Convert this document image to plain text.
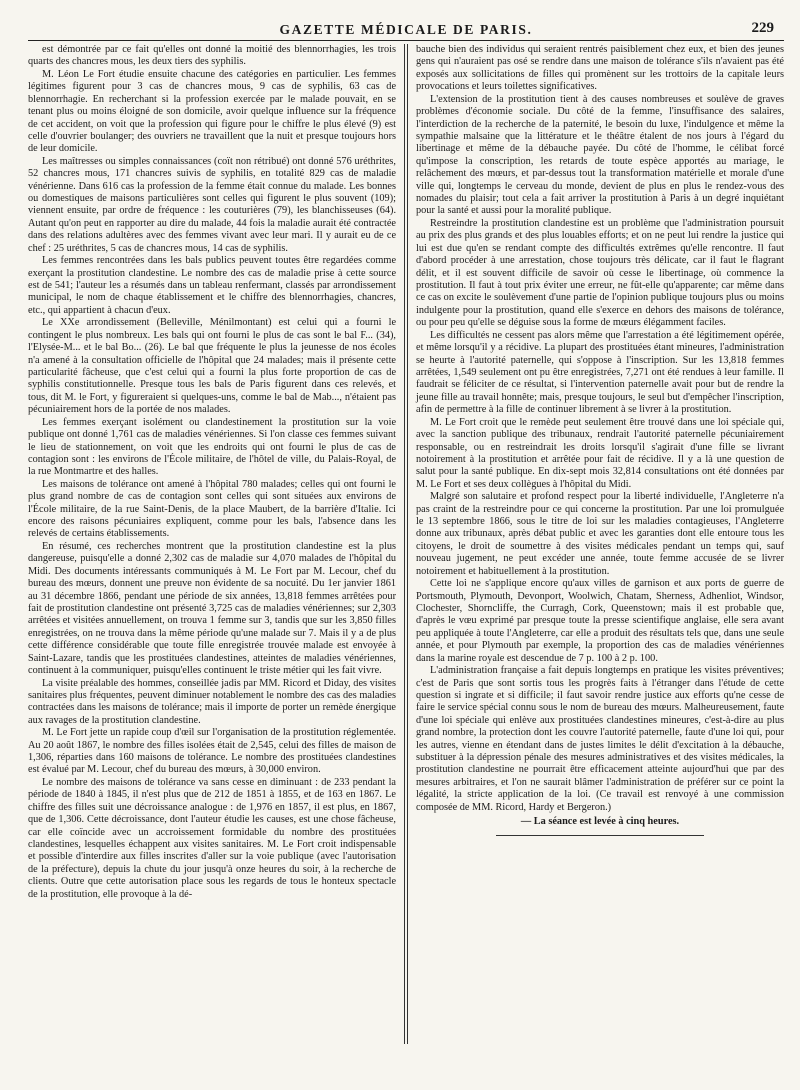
GAZETTE MÉDICALE DE PARIS.	229

est démontrée par ce fait qu'elles ont donné la moitié des blennorrhagies, les trois quarts des chancres mous, les deux tiers des syphilis.

M. Léon Le Fort étudie ensuite chacune des catégories en particulier. Les femmes légitimes figurent pour 3 cas de chancres mous, 9 cas de syphilis, 63 cas de blennorrhagie. En recherchant si la profession exercée par le malade pouvait, en se tenant plus ou moins éloigné de son domicile, avoir quelque influence sur la fréquence de cet accident, on voit que la profession qui figure pour le chiffre le plus élevé (9) est celle d'ouvrier boulanger; des ouvriers ne travaillent que la nuit et presque toujours hors de leur domicile.

Les maîtresses ou simples connaissances (coït non rétribué) ont donné 576 uréthrites, 52 chancres mous, 171 chancres suivis de syphilis, en totalité 829 cas de maladie vénérienne. Dans 616 cas la profession de la femme était connue du malade. Les bonnes ou domestiques de maisons particulières sont celles qui figurent le plus souvent (109); viennent ensuite, par ordre de fréquence : les couturières (79), les blanchisseuses (64). Autant qu'on peut en rapporter au dire du malade, 44 fois la maladie aurait été contractée dans des relations adultères avec des femmes vivant avec leur mari. Il y aurait eu de ce chef : 25 uréthrites, 5 cas de chancres mous, 14 cas de syphilis.

Les femmes rencontrées dans les bals publics peuvent toutes être regardées comme exerçant la prostitution clandestine. Le nombre des cas de maladie prise à cette source est de 541; l'auteur les a résumés dans un tableau renfermant, classés par arrondissement municipal, le nom de chaque établissement et le chiffre des blennorrhagies, chancres, etc., qui appartient à chacun d'eux.

Le XXe arrondissement (Belleville, Ménilmontant) est celui qui a fourni le contingent le plus nombreux. Les bals qui ont fourni le plus de cas sont le bal F... (34), l'Elysée-M... et le bal Bo... (26). Le bal que fréquente le plus la jeunesse de nos écoles n'a amené à la consultation officielle de l'hôpital que 24 malades; mais il présente cette particularité fâcheuse, que c'est celui qui a fourni la plus forte proportion de cas de syphilis constitutionnelle. Presque tous les bals de Paris figurent dans ces relevés, et tous, dit M. le Fort, y figureraient si quelques-uns, comme le bal de Mab..., n'étaient pas pécuniairement hors de la portée de nos malades.

Les femmes exerçant isolément ou clandestinement la prostitution sur la voie publique ont donné 1,761 cas de maladies vénériennes. Si l'on classe ces femmes suivant le lieu de stationnement, on voit que les endroits qui ont fourni le plus de cas de contagion sont : les environs de l'École militaire, de l'hôtel de ville, du Palais-Royal, de la rue Montmartre et des halles.

Les maisons de tolérance ont amené à l'hôpital 780 malades; celles qui ont fourni le plus grand nombre de cas de contagion sont celles qui sont situées aux environs de l'École militaire, de la rue Saint-Denis, de la place Maubert, de la barrière d'Italie. Ici encore des raisons pécuniaires expliquent, comme pour les bals, l'absence dans les relevés de certains établissements.

En résumé, ces recherches montrent que la prostitution clandestine est la plus dangereuse, puisqu'elle a donné 2,302 cas de maladie sur 4,070 malades de l'hôpital du Midi. Des documents intéressants communiqués à M. Le Fort par M. Lecour, chef du bureau des mœurs, donnent une preuve non évidente de sa nocuité. Du 1er janvier 1861 au 31 décembre 1866, pendant une période de six années, 13,818 femmes arrêtées pour fait de prostitution clandestine ont présenté 3,725 cas de maladies vénériennes; sur 2,303 arrêtées et visitées annuellement, on trouva 1 femme sur 3, tandis que sur les 3,850 filles enregistrées, on ne trouva dans la même période qu'une malade sur 7. Mais il y a de plus cette différence considérable que toute fille enregistrée trouvée malade est envoyée à Saint-Lazare, tandis que les prostituées clandestines, atteintes de maladies vénériennes, continuent à la communiquer, puisqu'elles continuent le triste métier qui les fait vivre.

La visite préalable des hommes, conseillée jadis par MM. Ricord et Diday, des visites sanitaires plus fréquentes, peuvent diminuer notablement le nombre des cas des maladies contractées dans les maisons de tolérance; mais il importe de porter un remède énergique aux ravages de la prostitution clandestine.

M. Le Fort jette un rapide coup d'œil sur l'organisation de la prostitution réglementée. Au 20 août 1867, le nombre des filles isolées était de 2,545, celui des filles de maison de 1,306, réparties dans 160 maisons de tolérance. Le nombre des prostituées clandestines est évalué par M. Lecour, chef du bureau des mœurs, à 30,000 environ.

Le nombre des maisons de tolérance va sans cesse en diminuant : de 233 pendant la période de 1840 à 1845, il n'est plus que de 212 de 1851 à 1855, et de 163 en 1867. Le chiffre des filles suit une décroissance analogue : de 1,976 en 1857, il est plus, en 1867, que de 1,306. Cette décroissance, dont l'auteur étudie les causes, est une chose fâcheuse, car elle coïncide avec un accroissement formidable du nombre des prostituées clandestines, lesquelles échappent aux visites sanitaires. M. Le Fort croit indispensable et possible d'interdire aux filles inscrites d'aller sur la voie publique (avec l'autorisation de la préfecture), depuis la chute du jour jusqu'à onze heures du soir, à la recherche de clients. Outre que cette autorisation place sous les regards de tous le honteux spectacle de la prostitution, elle provoque à la dé-

bauche bien des individus qui seraient rentrés paisiblement chez eux, et bien des jeunes gens qui n'auraient pas osé se rendre dans une maison de tolérance s'ils n'avaient pas été exposés aux sollicitations de filles qui promènent sur les trottoirs de la capitale leurs provocations et leurs toilettes significatives.

L'extension de la prostitution tient à des causes nombreuses et soulève de graves problèmes d'économie sociale. Du côté de la femme, l'insuffisance des salaires, l'interdiction de la recherche de la paternité, le besoin du luxe, l'indulgence et même la sympathie malsaine que la littérature et le théâtre étalent de nos jours à l'égard du libertinage et même de la débauche payée. Du côté de l'homme, le célibat forcé qu'impose la conscription, les retards de toute espèce apportés au mariage, le relâchement des mœurs, et par-dessus tout la transformation matérielle et morale d'une ville qui, longtemps le cerveau du monde, devient de plus en plus le rendez-vous des nomades du plaisir; tout cela a fait arriver la prostitution à Paris à un degré inquiétant pour la santé et aussi pour la moralité publique.

Restreindre la prostitution clandestine est un problème que l'administration poursuit au prix des plus grands et des plus louables efforts; et on ne peut lui rendre la justice qui lui est due qu'en se rendant compte des difficultés extrêmes qu'elle rencontre. Il faut d'abord procéder à une arrestation, chose toujours très délicate, car il faut le flagrant délit, et il est souvent difficile de savoir où cesse le libertinage, où commence la prostitution. Il faut à tout prix éviter une erreur, ne fût-elle qu'apparente; car même dans ce cas on excite le soulèvement d'une partie de l'opinion publique toujours plus ou moins indulgente pour la prostitution, quand elle s'exerce en dehors des maisons de tolérance, ou pour peu qu'elle se déguise sous la forme de mœurs élégamment faciles.

Les difficultés ne cessent pas alors même que l'arrestation a été légitimement opérée, et même lorsqu'il y a récidive. La plupart des prostituées étant mineures, l'administration se heurte à l'autorité paternelle, qui s'oppose à l'inscription. Sur les 13,818 femmes arrêtées, 1,549 seulement ont pu être enregistrées, 7,271 ont été rendues à leur famille. Il faudrait se féliciter de ce résultat, si l'intervention paternelle avait pour but de rendre la jeune fille au travail honnête; mais, presque toujours, le seul but d'empêcher l'inscription, afin de permettre à la fille de continuer librement à se livrer à la prostitution.

M. Le Fort croit que le remède peut seulement être trouvé dans une loi spéciale qui, avec la sanction publique des tribunaux, rendrait l'autorité paternelle pécuniairement responsable, ou en restreindrait les droits lorsqu'il s'agirait d'une fille se livrant notoirement à la prostitution et arrêtée pour fait de récidive. Il y a là une question de salut pour la santé publique. En dix-sept mois 32,814 consultations ont été données par M. Le Fort et ses deux collègues à l'hôpital du Midi.

Malgré son salutaire et profond respect pour la liberté individuelle, l'Angleterre n'a pas craint de la restreindre pour ce qui concerne la prostitution. Par une loi promulguée le 13 septembre 1866, sous le titre de loi sur les maladies contagieuses, l'Angleterre donne aux tribunaux, après débat public et avec les garanties dont elle entoure tous les citoyens, le droit de soumettre à des visites médicales pendant un temps qui, sauf nouveau jugement, ne peut excéder une année, toute femme accusée de se livrer notoirement et habituellement à la prostitution.

Cette loi ne s'applique encore qu'aux villes de garnison et aux ports de guerre de Portsmouth, Plymouth, Devonport, Woolwich, Chatam, Sherness, Adhenliot, Windsor, Clochester, Shorncliffe, the Curragh, Cork, Queenstown; mais il est probable que, d'après le vœu exprimé par presque toute la presse scientifique anglaise, elle sera avant peu appliquée à toute l'Angleterre, car elle a produit des résultats tels que, dans une seule année, et pour Plymouth par exemple, la proportion des cas de maladies vénériennes dans la marine royale est descendue de 7 p. 100 à 2 p. 100.

L'administration française a fait depuis longtemps en pratique les visites préventives; c'est de Paris que sont sortis tous les progrès faits à l'étranger dans l'étude de cette question si ingrate et si difficile; il faut savoir rendre justice aux efforts qu'ne cesse de faire le service spécial connu sous le nom de bureau des mœurs. Malheureusement, faute d'une loi spéciale qui enlève aux prostituées clandestines mineures, c'est-à-dire au plus grand nombre, la protection dont les couvre l'autorité paternelle, faute d'une loi qui, pour les autres, vienne en étendant dans de justes limites le délit d'excitation à la débauche, substituer à la dépression pénale des mesures administratives et des visites médicales, la prostitution clandestine ne pourrait être efficacement atteinte aujourd'hui que par des mesures arbitraires, et l'on ne saurait blâmer l'administration de préférer sur ce point la légalité, la stricte application de la loi. (Ce travail est renvoyé à une commission composée de MM. Ricord, Hardy et Bergeron.)

— La séance est levée à cinq heures.
